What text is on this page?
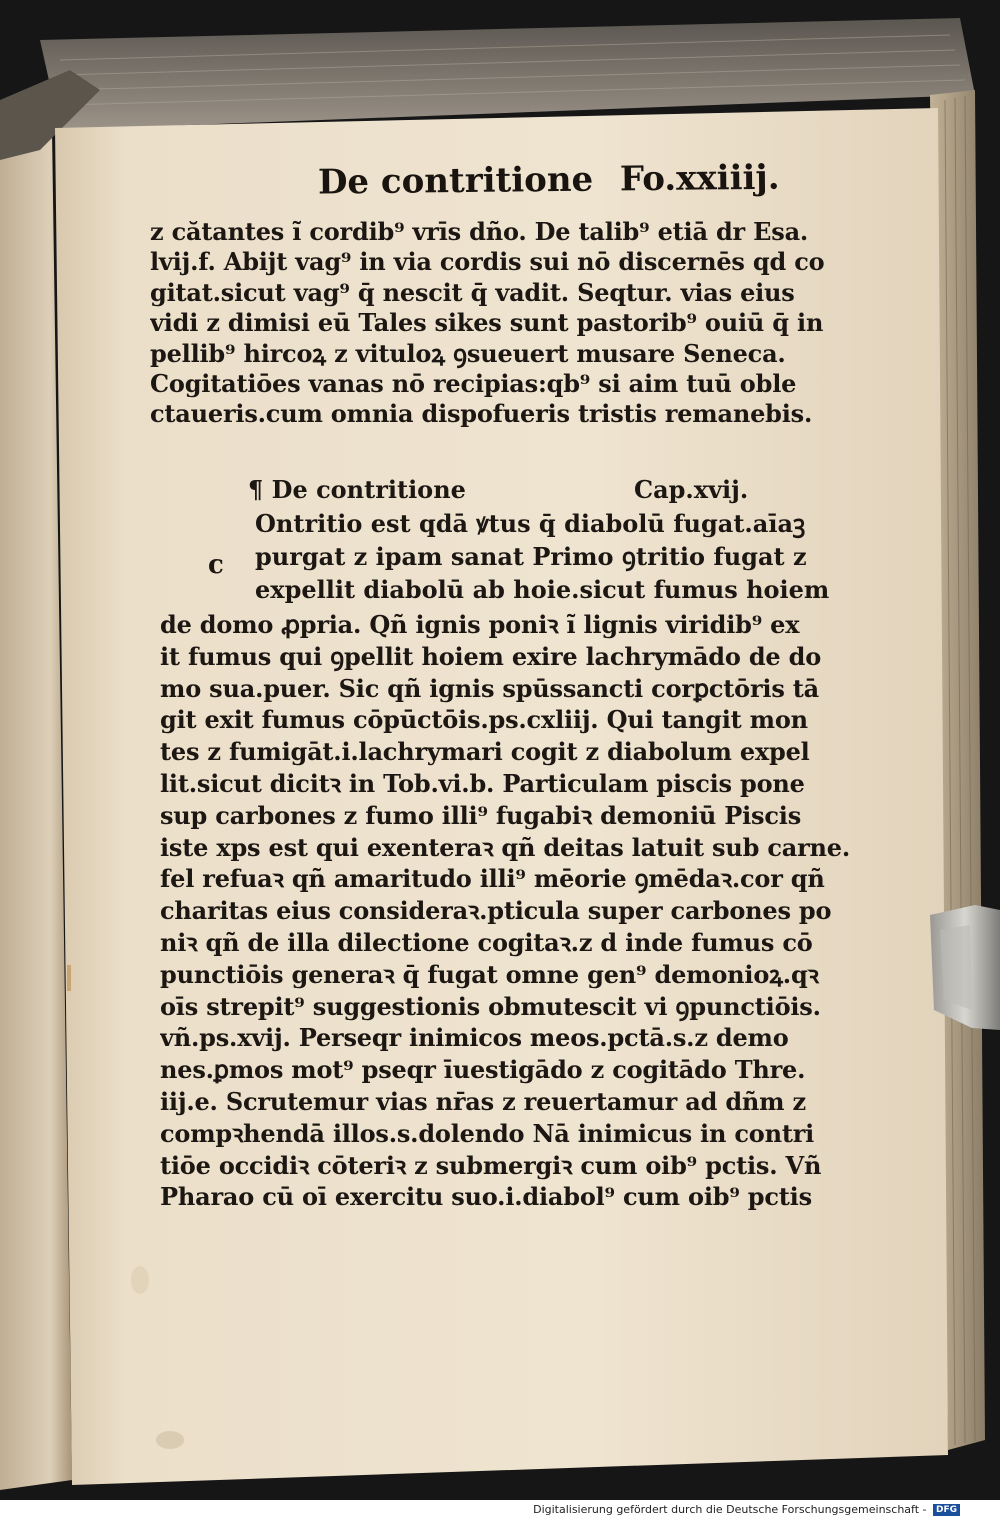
De contritione Fo.xxiiij.
z cătantes ĩ cordib⁹ vrīs dño. De talib⁹ etiā dr Esa.
lvij.f. Abijt vag⁹ in via cordis sui nō discernēs qd co
gitat.sicut vag⁹ q̄ nescit q̄ vadit. Seqtur. vias eius
vidi z dimisi eū Tales sikes sunt pastorib⁹ ouiū q̄ in
pellib⁹ hircoꝝ z vituloꝝ ꝯsueuert musare Seneca.
Cogitatiōes vanas nō recipias:qb⁹ si aim tuū oble
ctaueris.cum omnia dispofueris tristis remanebis.
¶ De contritione	Cap.xvij.
c
Ontritio est qdā ꝟtus q̄ diabolū fugat.aīaꝫ
purgat z ipam sanat Primo ꝯtritio fugat z
expellit diabolū ab hoie.sicut fumus hoiem
de domo ꝓpria. Qñ ignis poniꝛ ĩ lignis viridib⁹ ex
it fumus qui ꝯpellit hoiem exire lachrymādo de do
mo sua.puer. Sic qñ ignis spūssancti corꝑctōris tā
git exit fumus cōpūctōis.ps.cxliij. Qui tangit mon
tes z fumigāt.i.lachrymari cogit z diabolum expel
lit.sicut dicitꝛ in Tob.vi.b. Particulam piscis pone
sup carbones z fumo illi⁹ fugabiꝛ demoniū Piscis
iste xps est qui exenteraꝛ qñ deitas latuit sub carne.
fel refuaꝛ qñ amaritudo illi⁹ mēorie ꝯmēdaꝛ.cor qñ
charitas eius consideraꝛ.pticula super carbones po
niꝛ qñ de illa dilectione cogitaꝛ.z d inde fumus cō
punctiōis generaꝛ q̄ fugat omne gen⁹ demonioꝝ.qꝛ
oīs strepit⁹ suggestionis obmutescit vi ꝯpunctiōis.
vñ.ps.xvij. Perseqr inimicos meos.pctā.s.z demo
nes.ꝑmos mot⁹ pseqr īuestigādo z cogitādo Thre.
iij.e. Scrutemur vias nr̄as z reuertamur ad dñm z
compꝛhendā illos.s.dolendo Nā inimicus in contri
tiōe occidiꝛ cōteriꝛ z submergiꝛ cum oib⁹ pctis. Vñ
Pharao cū oī exercitu suo.i.diabol⁹ cum oib⁹ pctis
Digitalisierung gefördert durch die Deutsche Forschungsgemeinschaft - DFG
